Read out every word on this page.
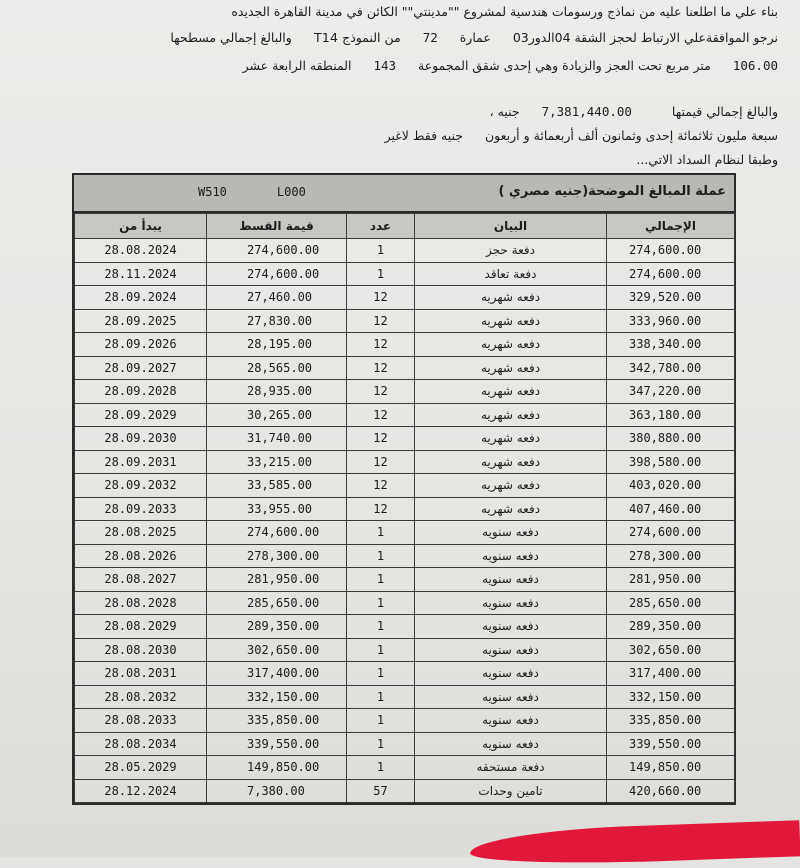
بناء علي ما اطلعنا عليه من نماذج ورسومات هندسية لمشروع ""مدينتي"" الكائن في مدينة القاهرة الجديده
نرجو الموافقةعلي الارتباط لحجز الشقة 04الدور03 عمارة 72 من النموذج T14 والبالغ إجمالي مسطحها
106.00 متر مربع تحت العجز والزيادة وهي إحدى شقق المجموعة 143 المنطقه الرابعة عشر
والبالغ إجمالي قيمتها 7,381,440.00 جنيه ،
سبعة مليون ثلاثمائة إحدى وثمانون ألف أربعمائة و أربعون جنيه فقط لاغير
وطبقا لنظام السداد الاتي...
W510	L000	عملة المبالغ الموضحة(جنيه مصري )
يبدأ من	قيمة القسط	عدد	البيان	الإجمالي
28.08.2024	274,600.00	1	دفعة حجز	274,600.00
28.11.2024	274,600.00	1	دفعة تعاقد	274,600.00
28.09.2024	27,460.00	12	دفعه شهريه	329,520.00
28.09.2025	27,830.00	12	دفعه شهريه	333,960.00
28.09.2026	28,195.00	12	دفعه شهريه	338,340.00
28.09.2027	28,565.00	12	دفعه شهريه	342,780.00
28.09.2028	28,935.00	12	دفعه شهريه	347,220.00
28.09.2029	30,265.00	12	دفعه شهريه	363,180.00
28.09.2030	31,740.00	12	دفعه شهريه	380,880.00
28.09.2031	33,215.00	12	دفعه شهريه	398,580.00
28.09.2032	33,585.00	12	دفعه شهريه	403,020.00
28.09.2033	33,955.00	12	دفعه شهريه	407,460.00
28.08.2025	274,600.00	1	دفعه سنويه	274,600.00
28.08.2026	278,300.00	1	دفعه سنويه	278,300.00
28.08.2027	281,950.00	1	دفعه سنويه	281,950.00
28.08.2028	285,650.00	1	دفعه سنويه	285,650.00
28.08.2029	289,350.00	1	دفعه سنويه	289,350.00
28.08.2030	302,650.00	1	دفعه سنويه	302,650.00
28.08.2031	317,400.00	1	دفعه سنويه	317,400.00
28.08.2032	332,150.00	1	دفعه سنويه	332,150.00
28.08.2033	335,850.00	1	دفعه سنويه	335,850.00
28.08.2034	339,550.00	1	دفعه سنويه	339,550.00
28.05.2029	149,850.00	1	دفعة مستحقه	149,850.00
28.12.2024	7,380.00	57	تامين وحدات	420,660.00
